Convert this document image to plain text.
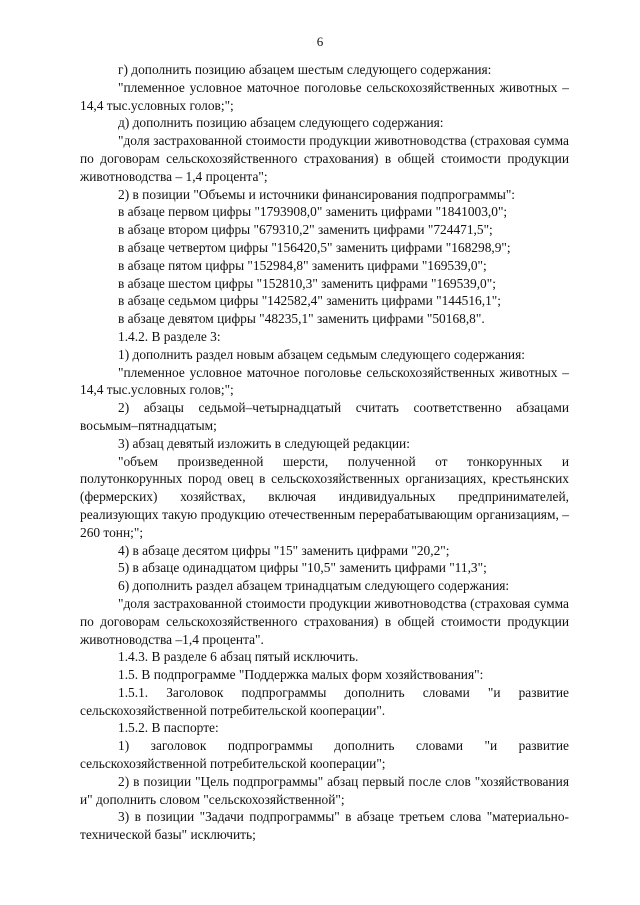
6

г) дополнить позицию абзацем шестым следующего содержания:

"племенное условное маточное поголовье сельскохозяйственных животных – 14,4 тыс.условных голов;";

д) дополнить позицию абзацем следующего содержания:

"доля застрахованной стоимости продукции животноводства (страховая сумма по договорам сельскохозяйственного страхования) в общей стоимости продукции животноводства – 1,4 процента";

2) в позиции "Объемы и источники финансирования подпрограммы":

в абзаце первом цифры "1793908,0" заменить цифрами "1841003,0";

в абзаце втором цифры "679310,2" заменить цифрами "724471,5";

в абзаце четвертом цифры "156420,5" заменить цифрами "168298,9";

в абзаце пятом цифры "152984,8" заменить цифрами "169539,0";

в абзаце шестом цифры "152810,3" заменить цифрами "169539,0";

в абзаце седьмом цифры "142582,4" заменить цифрами "144516,1";

в абзаце девятом цифры "48235,1" заменить цифрами "50168,8".

1.4.2. В разделе 3:

1) дополнить раздел новым абзацем седьмым следующего содержания:

"племенное условное маточное поголовье сельскохозяйственных животных – 14,4 тыс.условных голов;";

2) абзацы седьмой–четырнадцатый считать соответственно абзацами восьмым–пятнадцатым;

3) абзац девятый изложить в следующей редакции:

"объем произведенной шерсти, полученной от тонкорунных и полутонкорунных пород овец в сельскохозяйственных организациях, крестьянских (фермерских) хозяйствах, включая индивидуальных предпринимателей, реализующих такую продукцию отечественным перерабатывающим организациям, – 260 тонн;";

4) в абзаце десятом цифры "15" заменить цифрами "20,2";

5) в абзаце одинадцатом цифры "10,5" заменить цифрами "11,3";

6) дополнить раздел абзацем тринадцатым следующего содержания:

"доля застрахованной стоимости продукции животноводства (страховая сумма по договорам сельскохозяйственного страхования) в общей стоимости продукции животноводства –1,4 процента".

1.4.3. В разделе 6 абзац пятый исключить.

1.5. В подпрограмме "Поддержка малых форм хозяйствования":

1.5.1. Заголовок подпрограммы дополнить словами "и развитие сельскохозяйственной потребительской кооперации".

1.5.2. В паспорте:

1) заголовок подпрограммы дополнить словами "и развитие сельскохозяйственной потребительской кооперации";

2) в позиции "Цель подпрограммы" абзац первый после слов "хозяйствования и" дополнить словом "сельскохозяйственной";

3) в позиции "Задачи подпрограммы" в абзаце третьем слова "материально-технической базы" исключить;
